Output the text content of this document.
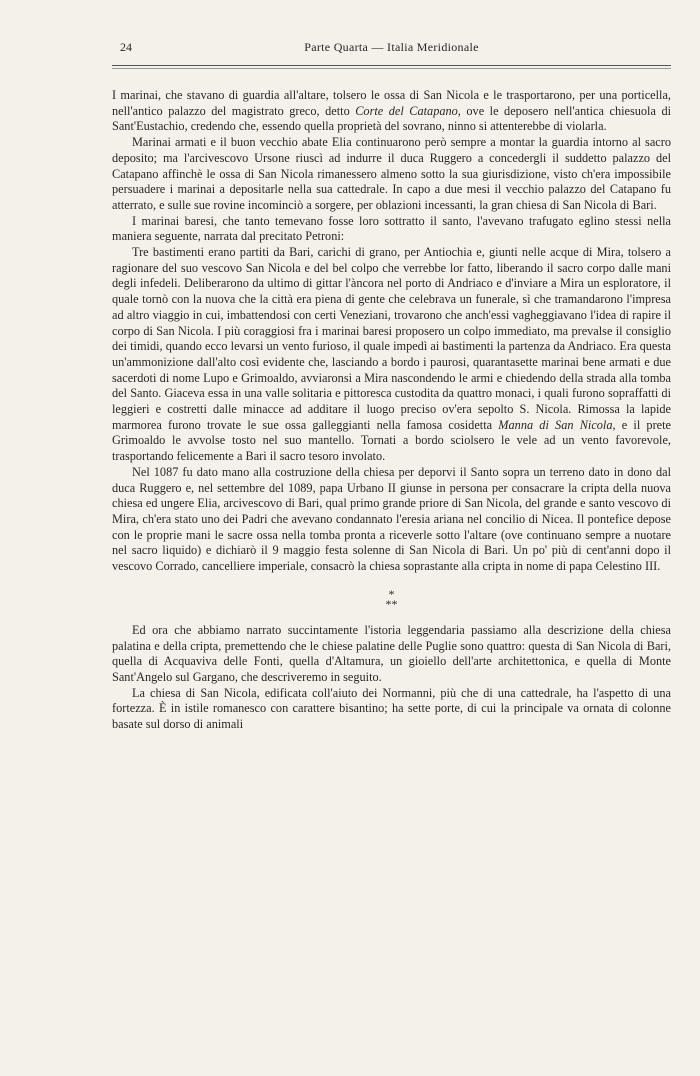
24	Parte Quarta — Italia Meridionale

I marinai, che stavano di guardia all'altare, tolsero le ossa di San Nicola e le trasportarono, per una porticella, nell'antico palazzo del magistrato greco, detto Corte del Catapano, ove le deposero nell'antica chiesuola di Sant'Eustachio, credendo che, essendo quella proprietà del sovrano, ninno si attenterebbe di violarla.

Marinai armati e il buon vecchio abate Elia continuarono però sempre a montar la guardia intorno al sacro deposito; ma l'arcivescovo Ursone riuscì ad indurre il duca Ruggero a concedergli il suddetto palazzo del Catapano affinchè le ossa di San Nicola rimanessero almeno sotto la sua giurisdizione, visto ch'era impossibile persuadere i marinai a depositarle nella sua cattedrale. In capo a due mesi il vecchio palazzo del Catapano fu atterrato, e sulle sue rovine incominciò a sorgere, per oblazioni incessanti, la gran chiesa di San Nicola di Bari.

I marinai baresi, che tanto temevano fosse loro sottratto il santo, l'avevano trafugato eglino stessi nella maniera seguente, narrata dal precitato Petroni:

Tre bastimenti erano partiti da Bari, carichi di grano, per Antiochia e, giunti nelle acque di Mira, tolsero a ragionare del suo vescovo San Nicola e del bel colpo che verrebbe lor fatto, liberando il sacro corpo dalle mani degli infedeli. Deliberarono da ultimo di gittar l'àncora nel porto di Andriaco e d'inviare a Mira un esploratore, il quale tornò con la nuova che la città era piena di gente che celebrava un funerale, sì che tramandarono l'impresa ad altro viaggio in cui, imbattendosi con certi Veneziani, trovarono che anch'essi vagheggiavano l'idea di rapire il corpo di San Nicola. I più coraggiosi fra i marinai baresi proposero un colpo immediato, ma prevalse il consiglio dei timidi, quando ecco levarsi un vento furioso, il quale impedì ai bastimenti la partenza da Andriaco. Era questa un'ammonizione dall'alto così evidente che, lasciando a bordo i paurosi, quarantasette marinai bene armati e due sacerdoti di nome Lupo e Grimoaldo, avviaronsi a Mira nascondendo le armi e chiedendo della strada alla tomba del Santo. Giaceva essa in una valle solitaria e pittoresca custodita da quattro monaci, i quali furono sopraffatti di leggieri e costretti dalle minacce ad additare il luogo preciso ov'era sepolto S. Nicola. Rimossa la lapide marmorea furono trovate le sue ossa galleggianti nella famosa cosidetta Manna di San Nicola, e il prete Grimoaldo le avvolse tosto nel suo mantello. Tornati a bordo sciolsero le vele ad un vento favorevole, trasportando felicemente a Bari il sacro tesoro involato.

Nel 1087 fu dato mano alla costruzione della chiesa per deporvi il Santo sopra un terreno dato in dono dal duca Ruggero e, nel settembre del 1089, papa Urbano II giunse in persona per consacrare la cripta della nuova chiesa ed ungere Elia, arcivescovo di Bari, qual primo grande priore di San Nicola, del grande e santo vescovo di Mira, ch'era stato uno dei Padri che avevano condannato l'eresia ariana nel concilio di Nicea. Il pontefice depose con le proprie mani le sacre ossa nella tomba pronta a riceverle sotto l'altare (ove continuano sempre a nuotare nel sacro liquido) e dichiarò il 9 maggio festa solenne di San Nicola di Bari. Un po' più di cent'anni dopo il vescovo Corrado, cancelliere imperiale, consacrò la chiesa soprastante alla cripta in nome di papa Celestino III.

*
**

Ed ora che abbiamo narrato succintamente l'istoria leggendaria passiamo alla descrizione della chiesa palatina e della cripta, premettendo che le chiese palatine delle Puglie sono quattro: questa di San Nicola di Bari, quella di Acquaviva delle Fonti, quella d'Altamura, un gioiello dell'arte architettonica, e quella di Monte Sant'Angelo sul Gargano, che descriveremo in seguito.

La chiesa di San Nicola, edificata coll'aiuto dei Normanni, più che di una cattedrale, ha l'aspetto di una fortezza. È in istile romanesco con carattere bisantino; ha sette porte, di cui la principale va ornata di colonne basate sul dorso di animali
